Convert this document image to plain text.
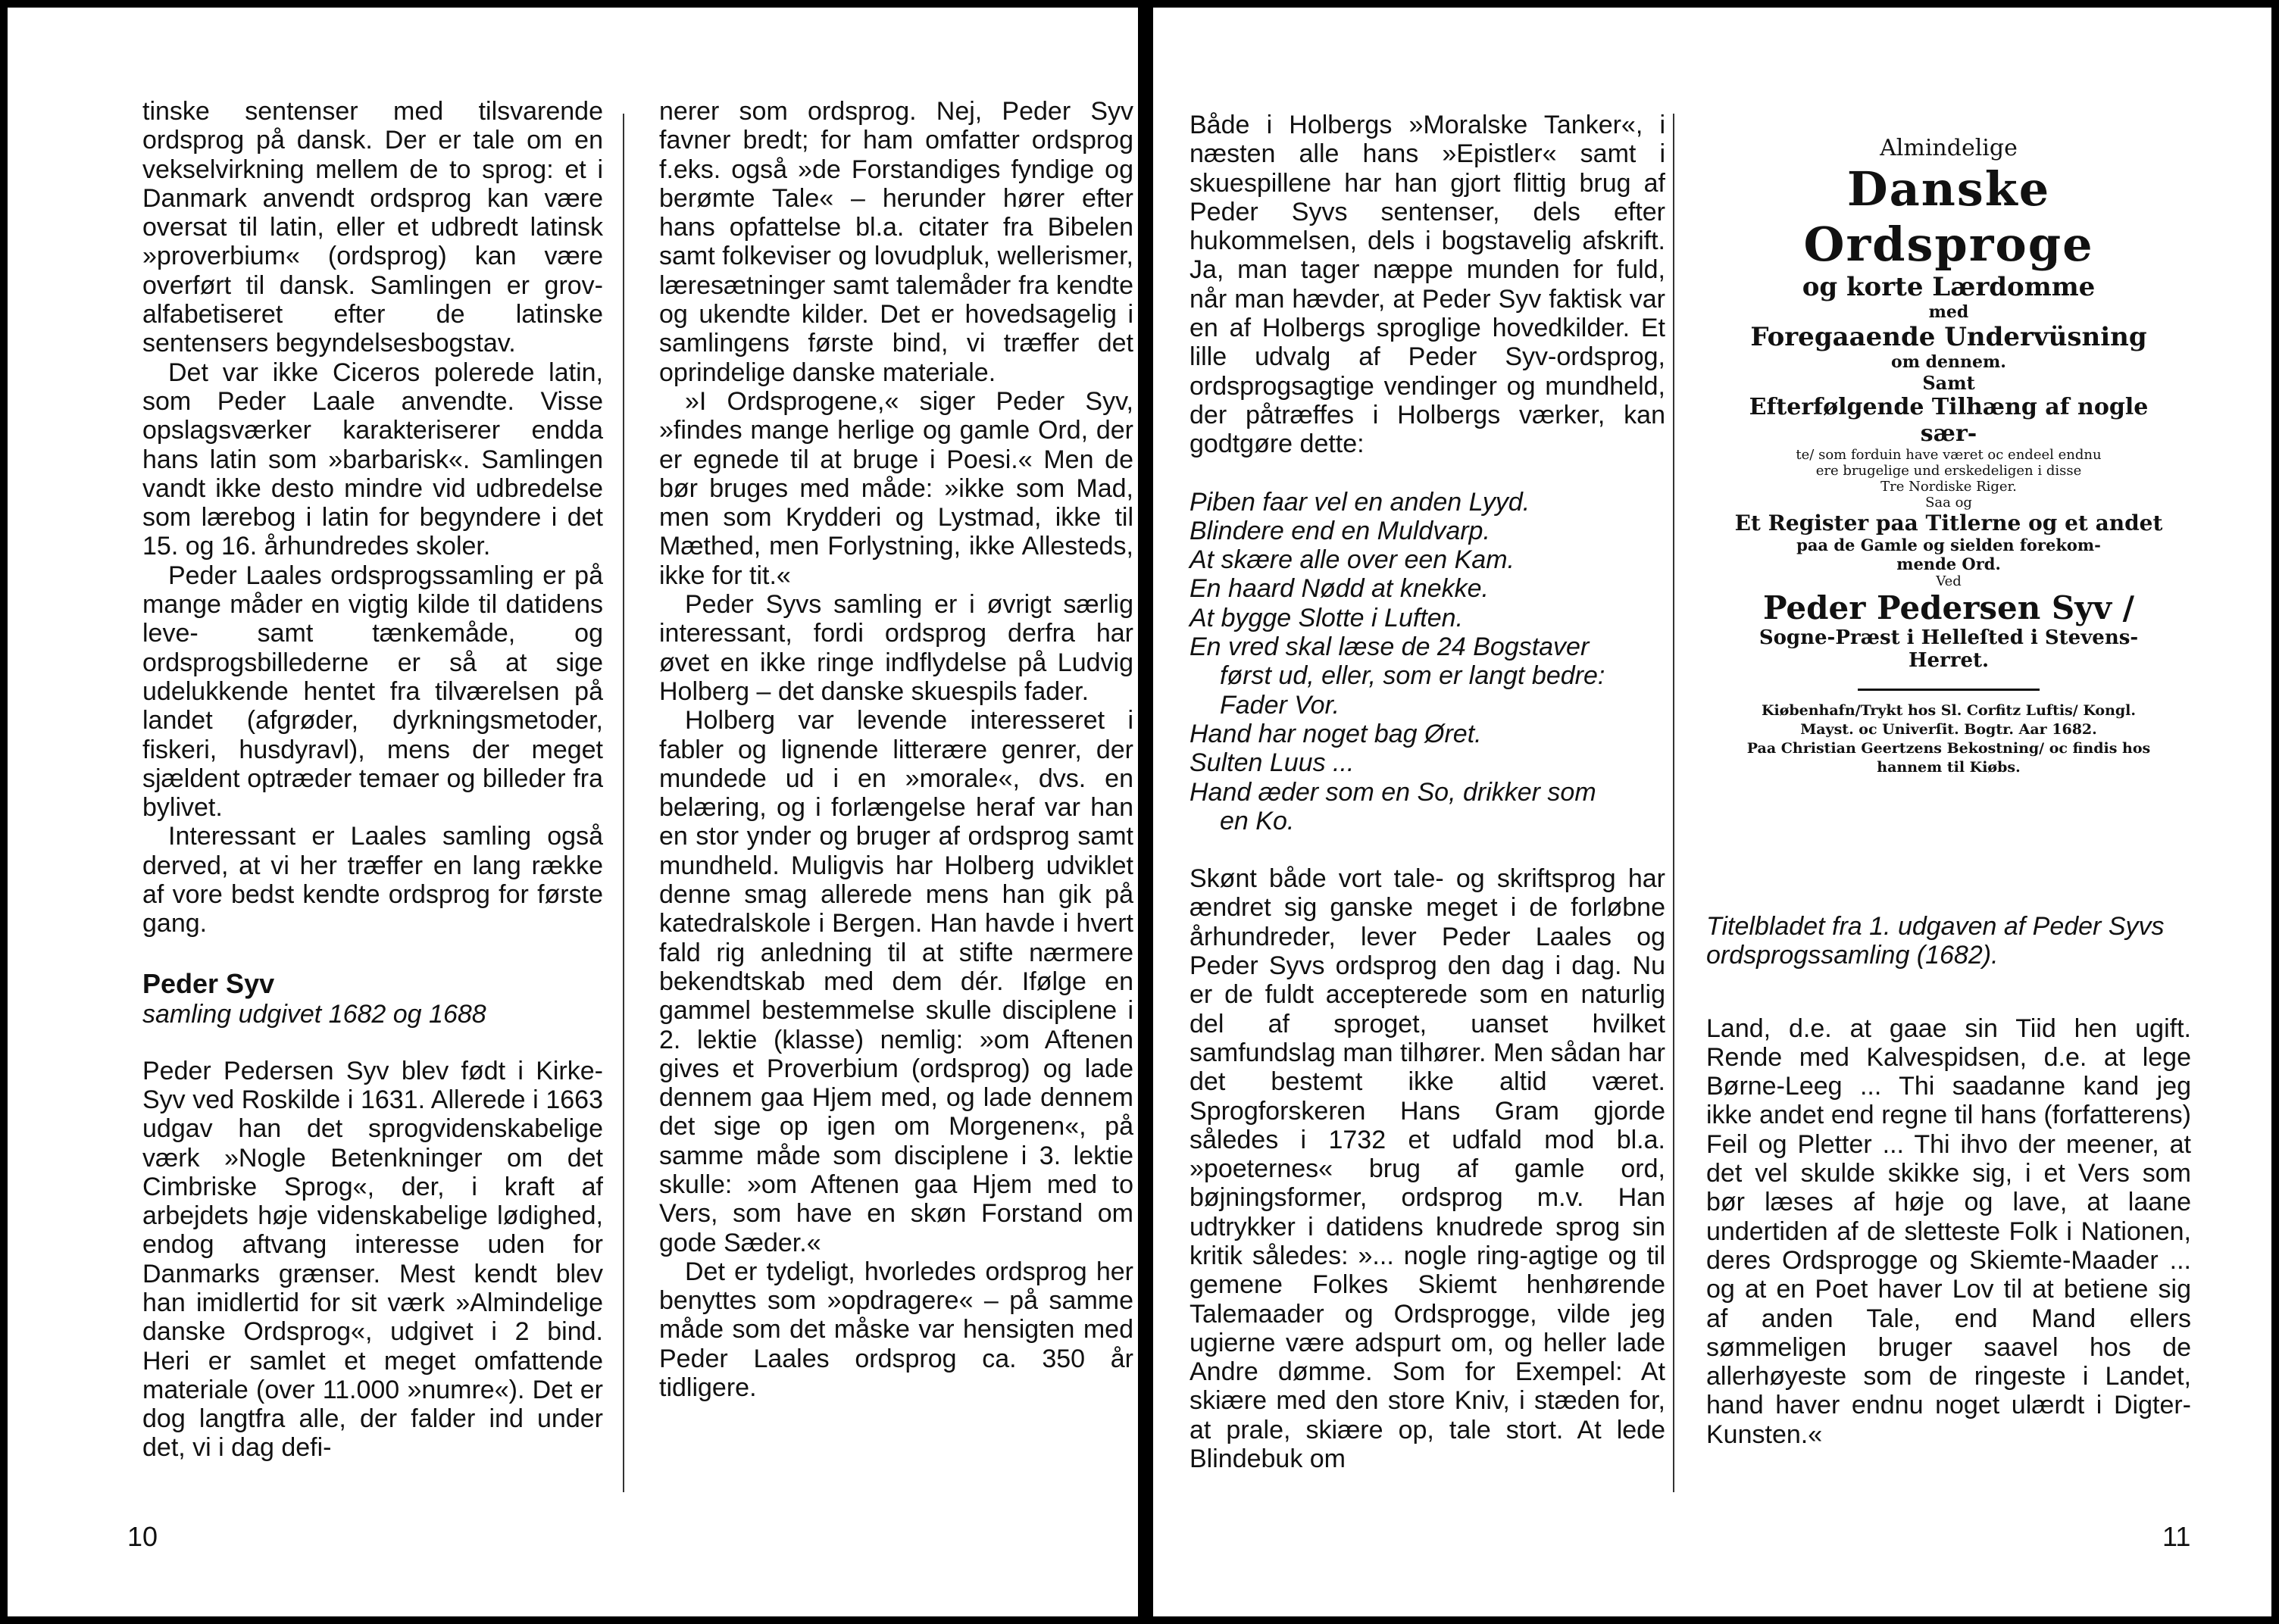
tinske sentenser med tilsvarende ordsprog på dansk. Der er tale om en vekselvirkning mellem de to sprog: et i Danmark anvendt ordsprog kan være oversat til latin, eller et udbredt latinsk »proverbium« (ordsprog) kan være overført til dansk. Samlingen er grov-alfabetiseret efter de latinske sentensers begyndelsesbogstav.

Det var ikke Ciceros polerede latin, som Peder Laale anvendte. Visse opslagsværker karakteriserer endda hans latin som »barbarisk«. Samlingen vandt ikke desto mindre vid udbredelse som lærebog i latin for begyndere i det 15. og 16. århundredes skoler.

Peder Laales ordsprogssamling er på mange måder en vigtig kilde til datidens leve- samt tænkemåde, og ordsprogsbillederne er så at sige udelukkende hentet fra tilværelsen på landet (afgrøder, dyrkningsmetoder, fiskeri, husdyravl), mens der meget sjældent optræder temaer og billeder fra bylivet.

Interessant er Laales samling også derved, at vi her træffer en lang række af vore bedst kendte ordsprog for første gang.

Peder Syv

samling udgivet 1682 og 1688

Peder Pedersen Syv blev født i Kirke-Syv ved Roskilde i 1631. Allerede i 1663 udgav han det sprogvidenskabelige værk »Nogle Betenkninger om det Cimbriske Sprog«, der, i kraft af arbejdets høje videnskabelige lødighed, endog aftvang interesse uden for Danmarks grænser. Mest kendt blev han imidlertid for sit værk »Almindelige danske Ordsprog«, udgivet i 2 bind. Heri er samlet et meget omfattende materiale (over 11.000 »numre«). Det er dog langtfra alle, der falder ind under det, vi i dag defi-

nerer som ordsprog. Nej, Peder Syv favner bredt; for ham omfatter ordsprog f.eks. også »de Forstandiges fyndige og berømte Tale« – herunder hører efter hans opfattelse bl.a. citater fra Bibelen samt folkeviser og lovudpluk, wellerismer, læresætninger samt talemåder fra kendte og ukendte kilder. Det er hovedsagelig i samlingens første bind, vi træffer det oprindelige danske materiale.

»I Ordsprogene,« siger Peder Syv, »findes mange herlige og gamle Ord, der er egnede til at bruge i Poesi.« Men de bør bruges med måde: »ikke som Mad, men som Krydderi og Lystmad, ikke til Mæthed, men Forlystning, ikke Allesteds, ikke for tit.«

Peder Syvs samling er i øvrigt særlig interessant, fordi ordsprog derfra har øvet en ikke ringe indflydelse på Ludvig Holberg – det danske skuespils fader.

Holberg var levende interesseret i fabler og lignende litterære genrer, der mundede ud i en »morale«, dvs. en belæring, og i forlængelse heraf var han en stor ynder og bruger af ordsprog samt mundheld. Muligvis har Holberg udviklet denne smag allerede mens han gik på katedralskole i Bergen. Han havde i hvert fald rig anledning til at stifte nærmere bekendtskab med dem dér. Ifølge en gammel bestemmelse skulle disciplene i 2. lektie (klasse) nemlig: »om Aftenen gives et Proverbium (ordsprog) og lade dennem gaa Hjem med, og lade dennem det sige op igen om Morgenen«, på samme måde som disciplene i 3. lektie skulle: »om Aftenen gaa Hjem med to Vers, som have en skøn Forstand om gode Sæder.«

Det er tydeligt, hvorledes ordsprog her benyttes som »opdragere« – på samme måde som det måske var hensigten med Peder Laales ordsprog ca. 350 år tidligere.

10

Både i Holbergs »Moralske Tanker«, i næsten alle hans »Epistler« samt i skuespillene har han gjort flittig brug af Peder Syvs sentenser, dels efter hukommelsen, dels i bogstavelig afskrift. Ja, man tager næppe munden for fuld, når man hævder, at Peder Syv faktisk var en af Holbergs sproglige hovedkilder. Et lille udvalg af Peder Syv-ordsprog, ordsprogsagtige vendinger og mundheld, der påtræffes i Holbergs værker, kan godtgøre dette:

Piben faar vel en anden Lyyd.

Blindere end en Muldvarp.

At skære alle over een Kam.

En haard Nødd at knekke.

At bygge Slotte i Luften.

En vred skal læse de 24 Bogstaver

først ud, eller, som er langt bedre:

Fader Vor.

Hand har noget bag Øret.

Sulten Luus ...

Hand æder som en So, drikker som

en Ko.

Skønt både vort tale- og skriftsprog har ændret sig ganske meget i de forløbne århundreder, lever Peder Laales og Peder Syvs ordsprog den dag i dag. Nu er de fuldt accepterede som en naturlig del af sproget, uanset hvilket samfundslag man tilhører. Men sådan har det bestemt ikke altid været. Sprogforskeren Hans Gram gjorde således i 1732 et udfald mod bl.a. »poeternes« brug af gamle ord, bøjningsformer, ordsprog m.v. Han udtrykker i datidens knudrede sprog sin kritik således: »... nogle ring-agtige og til gemene Folkes Skiemt henhørende Talemaader og Ordsprogge, vilde jeg ugierne være adspurt om, og heller lade Andre dømme. Som for Exempel: At skiære med den store Kniv, i stæden for, at prale, skiære op, tale stort. At lede Blindebuk om

Almindelige
Danske Ordsproge
og korte Lærdomme
med
Foregaaende Undervüsning
om dennem.
Samt
Efterfølgende Tilhæng af nogle sær-
te/ som forduin have været oc endeel endnu
ere brugelige und erskedeligen i disse
Tre Nordiske Riger.
Saa og
Et Register paa Titlerne og et andet
paa de Gamle og sielden forekom-
mende Ord.
Ved
Peder Pedersen Syv /
Sogne-Præst i Helleſted i Stevens-
Herret.
Kiøbenhafn/Trykt hos Sl. Corfitz Luftis/ Kongl.
Mayst. oc Univerſit. Bogtr. Aar 1682.
Paa Christian Geertzens Bekostning/ oc findis hos
hannem til Kiøbs.

Titelbladet fra 1. udgaven af Peder Syvs ordsprogssamling (1682).

Land, d.e. at gaae sin Tiid hen ugift. Rende med Kalvespidsen, d.e. at lege Børne-Leeg ... Thi saadanne kand jeg ikke andet end regne til hans (forfatterens) Feil og Pletter ... Thi ihvo der meener, at det vel skulde skikke sig, i et Vers som bør læses af høje og lave, at laane undertiden af de sletteste Folk i Nationen, deres Ordsprogge og Skiemte-Maader ... og at en Poet haver Lov til at betiene sig af anden Tale, end Mand ellers sømmeligen bruger saavel hos de allerhøyeste som de ringeste i Landet, hand haver endnu noget ulærdt i Digter-Kunsten.«

11
